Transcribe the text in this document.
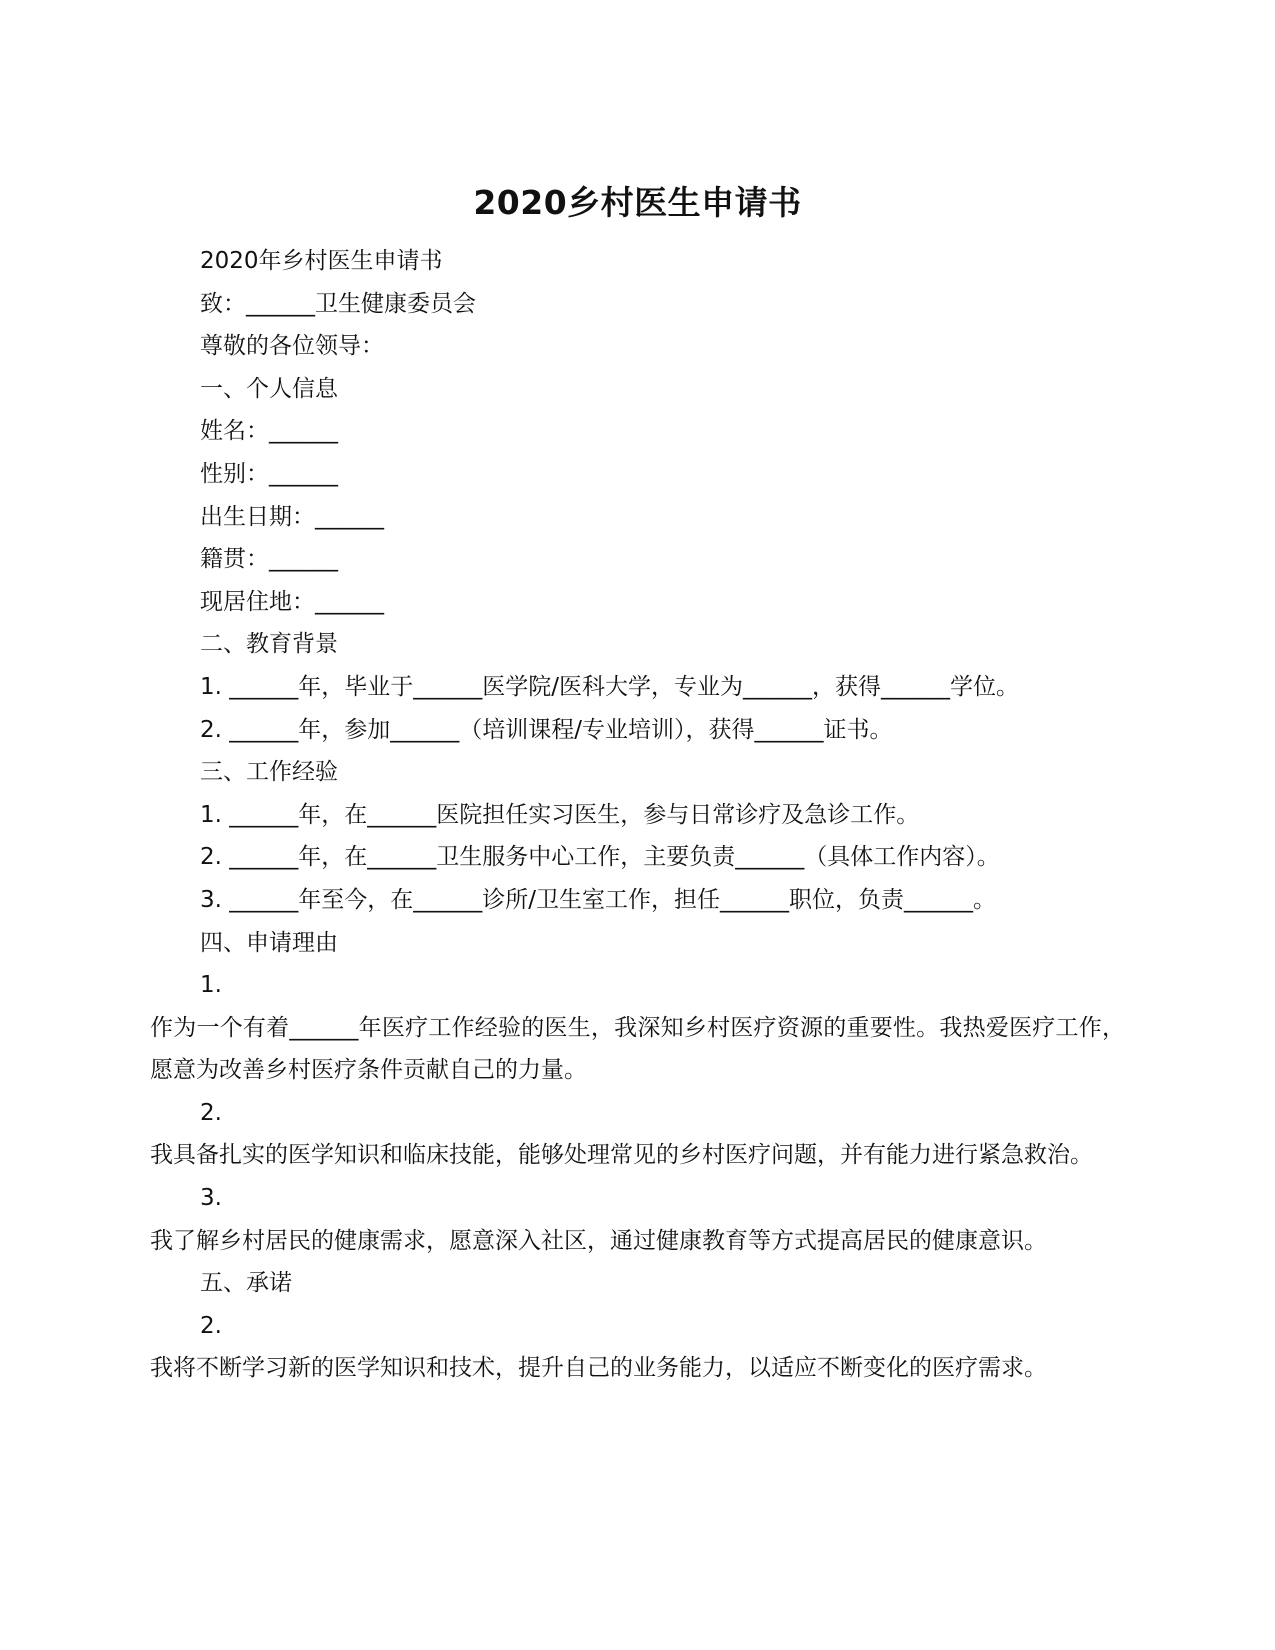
2020乡村医生申请书
2020年乡村医生申请书
致：______卫生健康委员会
尊敬的各位领导：
一、个人信息
姓名：______
性别：______
出生日期：______
籍贯：______
现居住地：______
二、教育背景
1. ______年，毕业于______医学院/医科大学，专业为______，获得______学位。
2. ______年，参加______（培训课程/专业培训），获得______证书。
三、工作经验
1. ______年，在______医院担任实习医生，参与日常诊疗及急诊工作。
2. ______年，在______卫生服务中心工作，主要负责______（具体工作内容）。
3. ______年至今，在______诊所/卫生室工作，担任______职位，负责______。
四、申请理由
1.
作为一个有着______年医疗工作经验的医生，我深知乡村医疗资源的重要性。我热爱医疗工作，愿意为改善乡村医疗条件贡献自己的力量。
2.
我具备扎实的医学知识和临床技能，能够处理常见的乡村医疗问题，并有能力进行紧急救治。
3.
我了解乡村居民的健康需求，愿意深入社区，通过健康教育等方式提高居民的健康意识。
五、承诺
2.
我将不断学习新的医学知识和技术，提升自己的业务能力，以适应不断变化的医疗需求。
